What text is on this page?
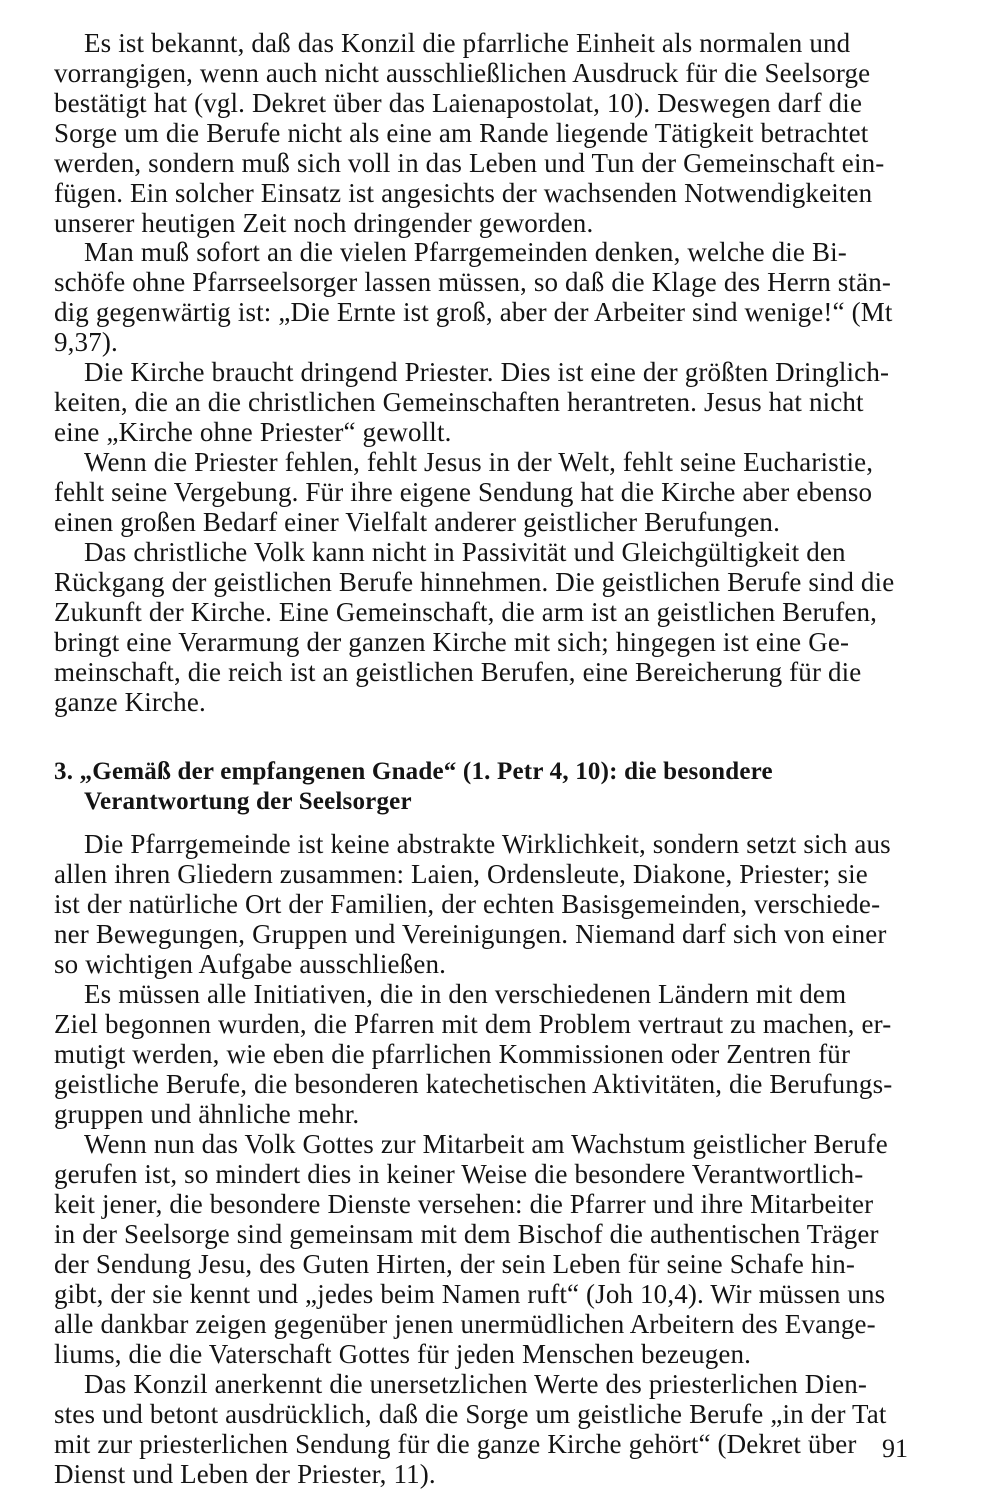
Es ist bekannt, daß das Konzil die pfarrliche Einheit als normalen und
vorrangigen, wenn auch nicht ausschließlichen Ausdruck für die Seelsorge
bestätigt hat (vgl. Dekret über das Laienapostolat, 10). Deswegen darf die
Sorge um die Berufe nicht als eine am Rande liegende Tätigkeit betrachtet
werden, sondern muß sich voll in das Leben und Tun der Gemeinschaft ein-
fügen. Ein solcher Einsatz ist angesichts der wachsenden Notwendigkeiten
unserer heutigen Zeit noch dringender geworden.
Man muß sofort an die vielen Pfarrgemeinden denken, welche die Bi-
schöfe ohne Pfarrseelsorger lassen müssen, so daß die Klage des Herrn stän-
dig gegenwärtig ist: „Die Ernte ist groß, aber der Arbeiter sind wenige!“ (Mt
9,37).
Die Kirche braucht dringend Priester. Dies ist eine der größten Dringlich-
keiten, die an die christlichen Gemeinschaften herantreten. Jesus hat nicht
eine „Kirche ohne Priester“ gewollt.
Wenn die Priester fehlen, fehlt Jesus in der Welt, fehlt seine Eucharistie,
fehlt seine Vergebung. Für ihre eigene Sendung hat die Kirche aber ebenso
einen großen Bedarf einer Vielfalt anderer geistlicher Berufungen.
Das christliche Volk kann nicht in Passivität und Gleichgültigkeit den
Rückgang der geistlichen Berufe hinnehmen. Die geistlichen Berufe sind die
Zukunft der Kirche. Eine Gemeinschaft, die arm ist an geistlichen Berufen,
bringt eine Verarmung der ganzen Kirche mit sich; hingegen ist eine Ge-
meinschaft, die reich ist an geistlichen Berufen, eine Bereicherung für die
ganze Kirche.
3. „Gemäß der empfangenen Gnade“ (1. Petr 4, 10): die besondere
Verantwortung der Seelsorger
Die Pfarrgemeinde ist keine abstrakte Wirklichkeit, sondern setzt sich aus
allen ihren Gliedern zusammen: Laien, Ordensleute, Diakone, Priester; sie
ist der natürliche Ort der Familien, der echten Basisgemeinden, verschiede-
ner Bewegungen, Gruppen und Vereinigungen. Niemand darf sich von einer
so wichtigen Aufgabe ausschließen.
Es müssen alle Initiativen, die in den verschiedenen Ländern mit dem
Ziel begonnen wurden, die Pfarren mit dem Problem vertraut zu machen, er-
mutigt werden, wie eben die pfarrlichen Kommissionen oder Zentren für
geistliche Berufe, die besonderen katechetischen Aktivitäten, die Berufungs-
gruppen und ähnliche mehr.
Wenn nun das Volk Gottes zur Mitarbeit am Wachstum geistlicher Berufe
gerufen ist, so mindert dies in keiner Weise die besondere Verantwortlich-
keit jener, die besondere Dienste versehen: die Pfarrer und ihre Mitarbeiter
in der Seelsorge sind gemeinsam mit dem Bischof die authentischen Träger
der Sendung Jesu, des Guten Hirten, der sein Leben für seine Schafe hin-
gibt, der sie kennt und „jedes beim Namen ruft“ (Joh 10,4). Wir müssen uns
alle dankbar zeigen gegenüber jenen unermüdlichen Arbeitern des Evange-
liums, die die Vaterschaft Gottes für jeden Menschen bezeugen.
Das Konzil anerkennt die unersetzlichen Werte des priesterlichen Dien-
stes und betont ausdrücklich, daß die Sorge um geistliche Berufe „in der Tat
mit zur priesterlichen Sendung für die ganze Kirche gehört“ (Dekret über
Dienst und Leben der Priester, 11).
91
